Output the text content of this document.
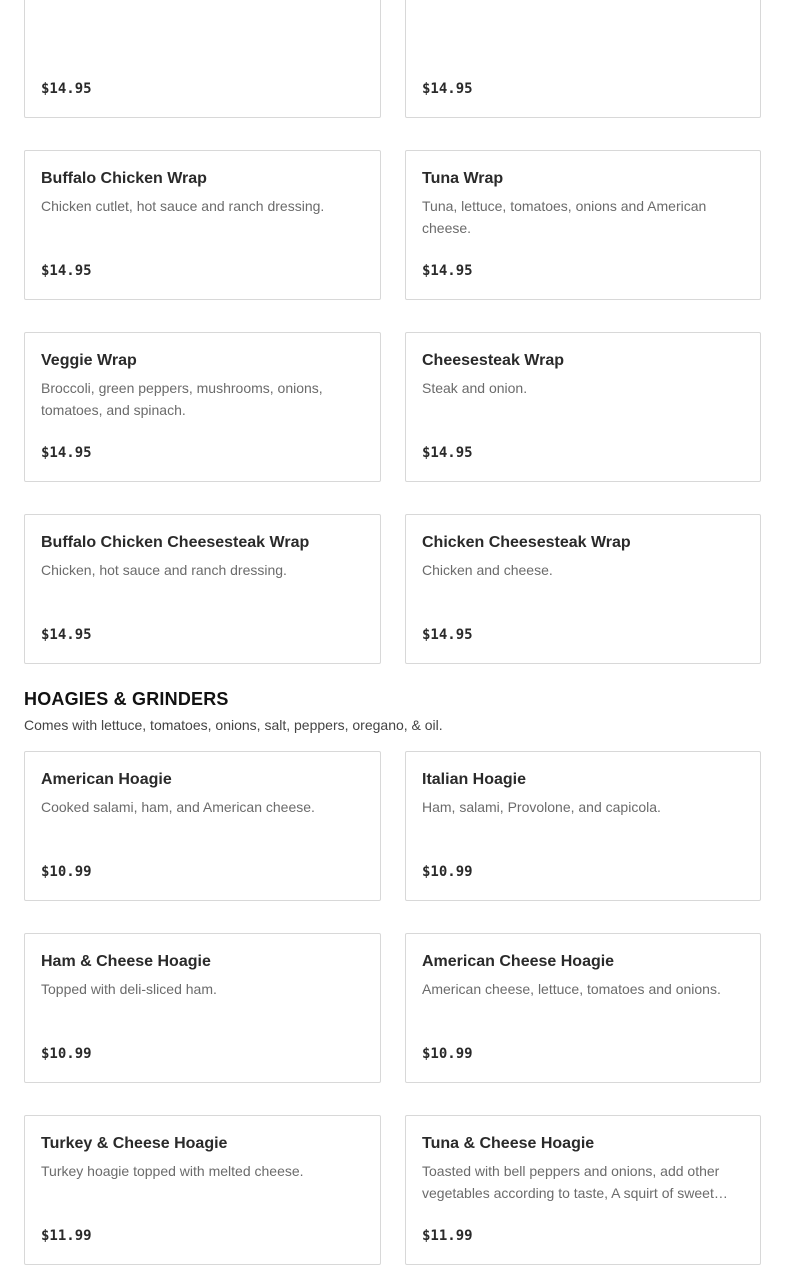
$14.95	$14.95
Buffalo Chicken Wrap
Chicken cutlet, hot sauce and ranch dressing.
$14.95
Tuna Wrap
Tuna, lettuce, tomatoes, onions and American cheese.
$14.95
Veggie Wrap
Broccoli, green peppers, mushrooms, onions, tomatoes, and spinach.
$14.95
Cheesesteak Wrap
Steak and onion.
$14.95
Buffalo Chicken Cheesesteak Wrap
Chicken, hot sauce and ranch dressing.
$14.95
Chicken Cheesesteak Wrap
Chicken and cheese.
$14.95
HOAGIES & GRINDERS
Comes with lettuce, tomatoes, onions, salt, peppers, oregano, & oil.
American Hoagie
Cooked salami, ham, and American cheese.
$10.99
Italian Hoagie
Ham, salami, Provolone, and capicola.
$10.99
Ham & Cheese Hoagie
Topped with deli-sliced ham.
$10.99
American Cheese Hoagie
American cheese, lettuce, tomatoes and onions.
$10.99
Turkey & Cheese Hoagie
Turkey hoagie topped with melted cheese.
$11.99
Tuna & Cheese Hoagie
Toasted with bell peppers and onions, add other vegetables according to taste, A squirt of sweet…
$11.99
